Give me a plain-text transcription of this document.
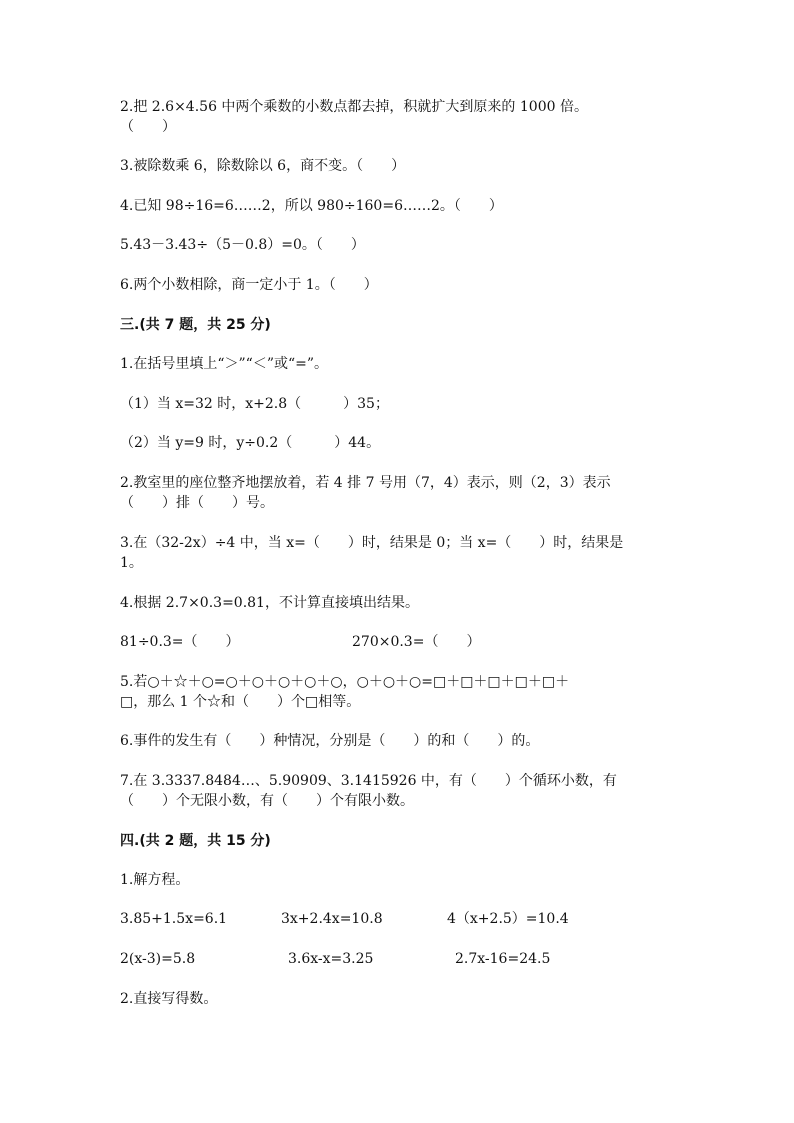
2.把 2.6×4.56 中两个乘数的小数点都去掉，积就扩大到原来的 1000 倍。
（　　）
3.被除数乘 6，除数除以 6，商不变。（　　）
4.已知 98÷16=6……2，所以 980÷160=6……2。（　　）
5.43－3.43÷（5－0.8）=0。（　　）
6.两个小数相除，商一定小于 1。（　　）
三.(共 7 题，共 25 分)
1.在括号里填上“＞”“＜”或“=”。
（1）当 x=32 时，x+2.8（　　　）35；
（2）当 y=9 时，y÷0.2（　　　）44。
2.教室里的座位整齐地摆放着，若 4 排 7 号用（7，4）表示，则（2，3）表示
（　　）排（　　）号。
3.在（32-2x）÷4 中，当 x=（　　）时，结果是 0；当 x=（　　）时，结果是
1。
4.根据 2.7×0.3=0.81，不计算直接填出结果。
81÷0.3=（　　）	270×0.3=（　　）
5.若○＋☆＋○=○＋○＋○＋○＋○，○＋○＋○=□＋□＋□＋□＋□＋
□，那么 1 个☆和（　　）个□相等。
6.事件的发生有（　　）种情况，分别是（　　）的和（　　）的。
7.在 3.3337.8484…、5.90909、3.1415926 中，有（　　）个循环小数，有
（　　）个无限小数，有（　　）个有限小数。
四.(共 2 题，共 15 分)
1.解方程。
3.85+1.5x=6.1	3x+2.4x=10.8	4（x+2.5）=10.4
2(x-3)=5.8	3.6x-x=3.25	2.7x-16=24.5
2.直接写得数。
